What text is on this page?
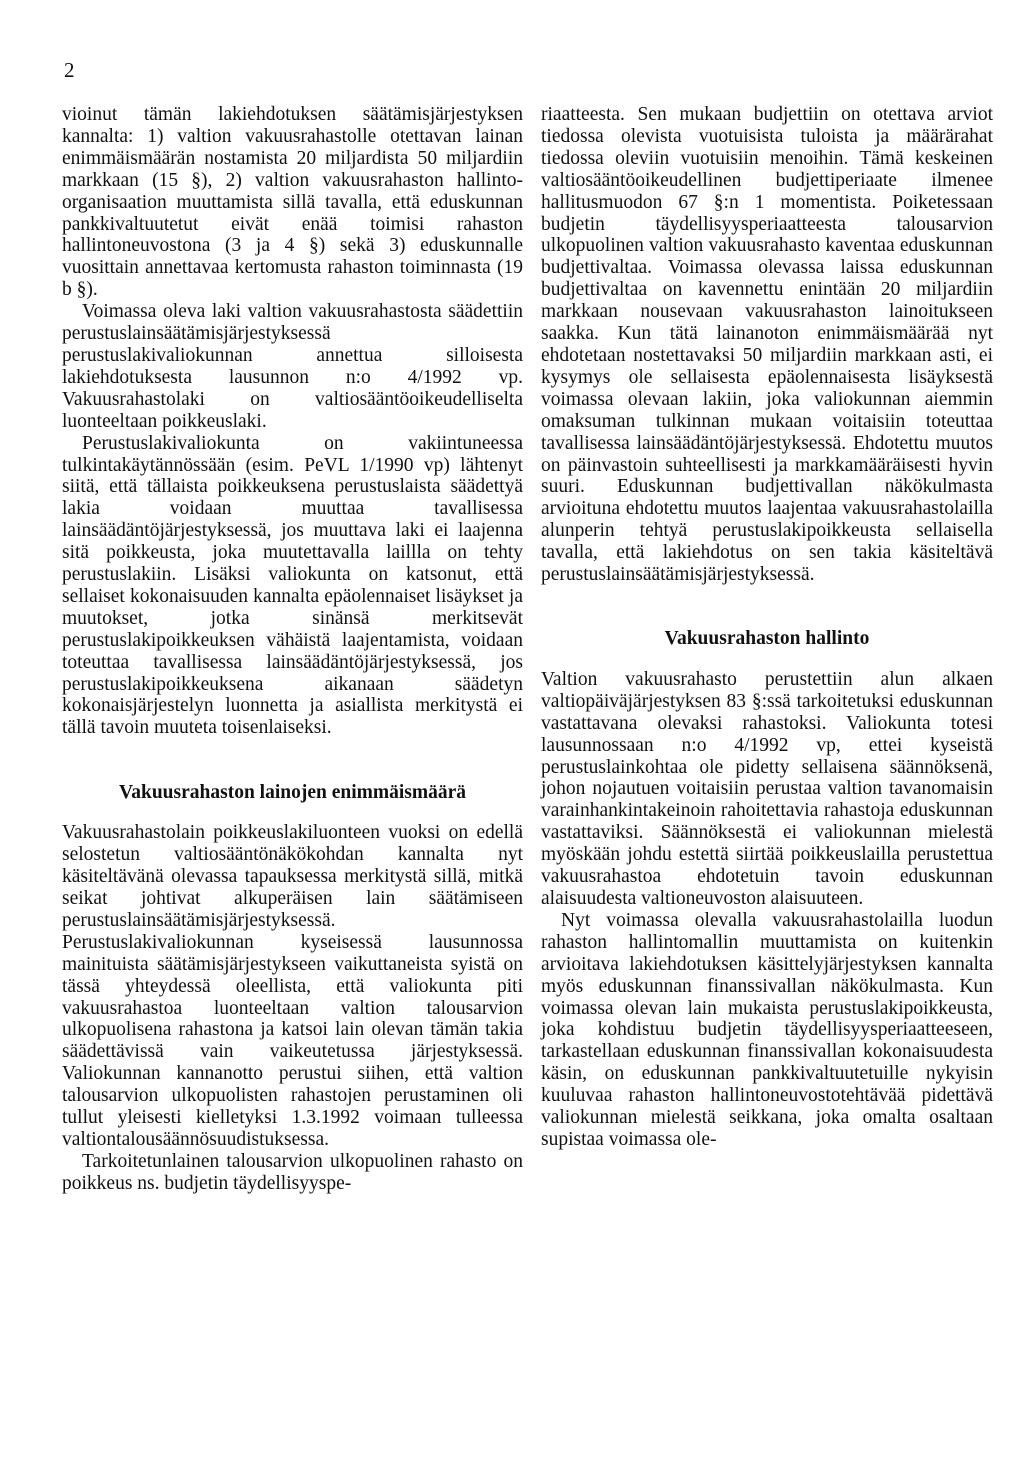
2

vioinut tämän lakiehdotuksen säätämisjärjestyksen kannalta: 1) valtion vakuusrahastolle otettavan lainan enimmäismäärän nostamista 20 miljardista 50 miljardiin markkaan (15 §), 2) valtion vakuusrahaston hallinto-organisaation muuttamista sillä tavalla, että eduskunnan pankkivaltuutetut eivät enää toimisi rahaston hallintoneuvostona (3 ja 4 §) sekä 3) eduskunnalle vuosittain annettavaa kertomusta rahaston toiminnasta (19 b §).

Voimassa oleva laki valtion vakuusrahastosta säädettiin perustuslainsäätämisjärjestyksessä perustuslakivaliokunnan annettua silloisesta lakiehdotuksesta lausunnon n:o 4/1992 vp. Vakuusrahastolaki on valtiosääntöoikeudelliselta luonteeltaan poikkeuslaki.

Perustuslakivaliokunta on vakiintuneessa tulkintakäytännössään (esim. PeVL 1/1990 vp) lähtenyt siitä, että tällaista poikkeuksena perustuslaista säädettyä lakia voidaan muuttaa tavallisessa lainsäädäntöjärjestyksessä, jos muuttava laki ei laajenna sitä poikkeusta, joka muutettavalla laillla on tehty perustuslakiin. Lisäksi valiokunta on katsonut, että sellaiset kokonaisuuden kannalta epäolennaiset lisäykset ja muutokset, jotka sinänsä merkitsevät perustuslakipoikkeuksen vähäistä laajentamista, voidaan toteuttaa tavallisessa lainsäädäntöjärjestyksessä, jos perustuslakipoikkeuksena aikanaan säädetyn kokonaisjärjestelyn luonnetta ja asiallista merkitystä ei tällä tavoin muuteta toisenlaiseksi.

Vakuusrahaston lainojen enimmäismäärä

Vakuusrahastolain poikkeuslakiluonteen vuoksi on edellä selostetun valtiosääntönäkökohdan kannalta nyt käsiteltävänä olevassa tapauksessa merkitystä sillä, mitkä seikat johtivat alkuperäisen lain säätämiseen perustuslainsäätämisjärjestyksessä. Perustuslakivaliokunnan kyseisessä lausunnossa mainituista säätämisjärjestykseen vaikuttaneista syistä on tässä yhteydessä oleellista, että valiokunta piti vakuusrahastoa luonteeltaan valtion talousarvion ulkopuolisena rahastona ja katsoi lain olevan tämän takia säädettävissä vain vaikeutetussa järjestyksessä. Valiokunnan kannanotto perustui siihen, että valtion talousarvion ulkopuolisten rahastojen perustaminen oli tullut yleisesti kielletyksi 1.3.1992 voimaan tulleessa valtiontalousäännösuudistuksessa.

Tarkoitetunlainen talousarvion ulkopuolinen rahasto on poikkeus ns. budjetin täydellisyyspe-

riaatteesta. Sen mukaan budjettiin on otettava arviot tiedossa olevista vuotuisista tuloista ja määrärahat tiedossa oleviin vuotuisiin menoihin. Tämä keskeinen valtiosääntöoikeudellinen budjettiperiaate ilmenee hallitusmuodon 67 §:n 1 momentista. Poiketessaan budjetin täydellisyysperiaatteesta talousarvion ulkopuolinen valtion vakuusrahasto kaventaa eduskunnan budjettivaltaa. Voimassa olevassa laissa eduskunnan budjettivaltaa on kavennettu enintään 20 miljardiin markkaan nousevaan vakuusrahaston lainoitukseen saakka. Kun tätä lainanoton enimmäismäärää nyt ehdotetaan nostettavaksi 50 miljardiin markkaan asti, ei kysymys ole sellaisesta epäolennaisesta lisäyksestä voimassa olevaan lakiin, joka valiokunnan aiemmin omaksuman tulkinnan mukaan voitaisiin toteuttaa tavallisessa lainsäädäntöjärjestyksessä. Ehdotettu muutos on päinvastoin suhteellisesti ja markkamääräisesti hyvin suuri. Eduskunnan budjettivallan näkökulmasta arvioituna ehdotettu muutos laajentaa vakuusrahastolailla alunperin tehtyä perustuslakipoikkeusta sellaisella tavalla, että lakiehdotus on sen takia käsiteltävä perustuslainsäätämisjärjestyksessä.

Vakuusrahaston hallinto

Valtion vakuusrahasto perustettiin alun alkaen valtiopäiväjärjestyksen 83 §:ssä tarkoitetuksi eduskunnan vastattavana olevaksi rahastoksi. Valiokunta totesi lausunnossaan n:o 4/1992 vp, ettei kyseistä perustuslainkohtaa ole pidetty sellaisena säännöksenä, johon nojautuen voitaisiin perustaa valtion tavanomaisin varainhankintakeinoin rahoitettavia rahastoja eduskunnan vastattaviksi. Säännöksestä ei valiokunnan mielestä myöskään johdu estettä siirtää poikkeuslailla perustettua vakuusrahastoa ehdotetuin tavoin eduskunnan alaisuudesta valtioneuvoston alaisuuteen.

Nyt voimassa olevalla vakuusrahastolailla luodun rahaston hallintomallin muuttamista on kuitenkin arvioitava lakiehdotuksen käsittelyjärjestyksen kannalta myös eduskunnan finanssivallan näkökulmasta. Kun voimassa olevan lain mukaista perustuslakipoikkeusta, joka kohdistuu budjetin täydellisyysperiaatteeseen, tarkastellaan eduskunnan finanssivallan kokonaisuudesta käsin, on eduskunnan pankkivaltuutetuille nykyisin kuuluvaa rahaston hallintoneuvostotehtävää pidettävä valiokunnan mielestä seikkana, joka omalta osaltaan supistaa voimassa ole-
